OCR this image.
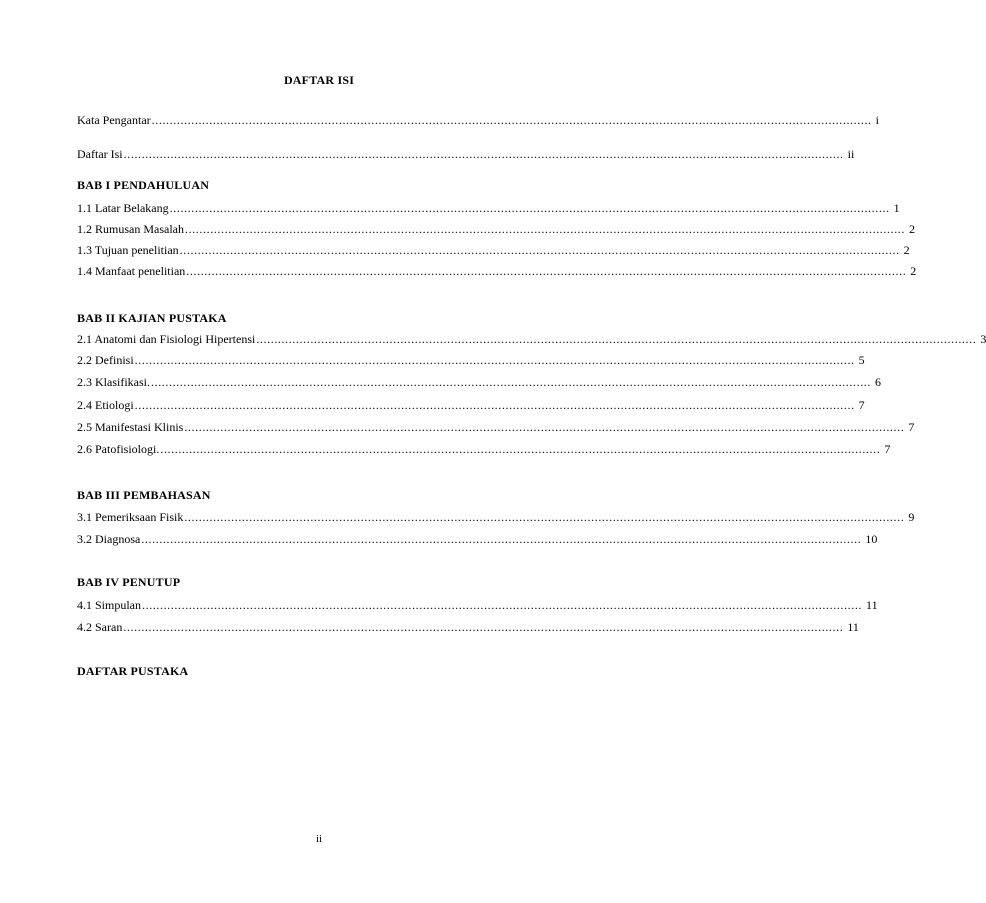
DAFTAR ISI
Kata Pengantar ........................................................................................................................................................................................................ i
Daftar Isi ........................................................................................................................................................................................................ ii
BAB I PENDAHULUAN
1.1 Latar Belakang ........................................................................................................................................................................................................ 1
1.2 Rumusan Masalah ........................................................................................................................................................................................................ 2
1.3 Tujuan penelitian ........................................................................................................................................................................................................ 2
1.4 Manfaat penelitian ........................................................................................................................................................................................................ 2
BAB II KAJIAN PUSTAKA
2.1 Anatomi dan Fisiologi Hipertensi ........................................................................................................................................................................................................ 3
2.2 Definisi ........................................................................................................................................................................................................ 5
2.3 Klasifikasi. ........................................................................................................................................................................................................ 6
2.4 Etiologi ........................................................................................................................................................................................................ 7
2.5 Manifestasi Klinis ........................................................................................................................................................................................................ 7
2.6 Patofisiologi. ........................................................................................................................................................................................................ 7
BAB III PEMBAHASAN
3.1 Pemeriksaan Fisik ........................................................................................................................................................................................................ 9
3.2 Diagnosa ........................................................................................................................................................................................................ 10
BAB IV PENUTUP
4.1 Simpulan ........................................................................................................................................................................................................ 11
4.2 Saran ........................................................................................................................................................................................................ 11
DAFTAR PUSTAKA
ii
